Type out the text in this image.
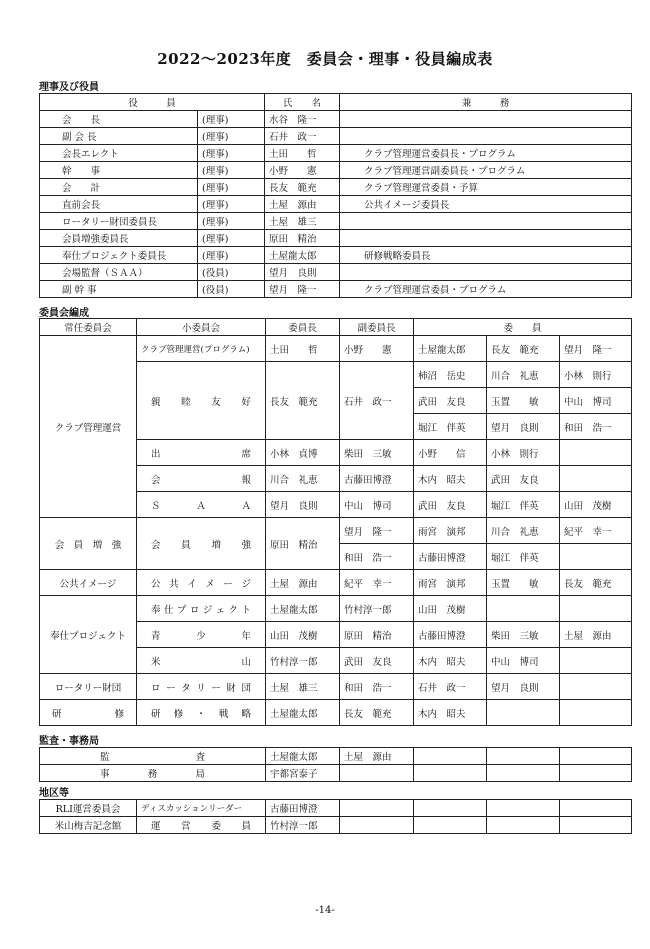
2022～2023年度　委員会・理事・役員編成表
理事及び役員
役　　　員		氏　　名	兼　　　務
会　　長	(理事)	水谷　隆一	
副 会 長	(理事)	石井　政一	
会長エレクト	(理事)	土田　　哲	クラブ管理運営委員長・プログラム
幹　　事	(理事)	小野　　憲	クラブ管理運営副委員長・プログラム
会　　計	(理事)	長友　範充	クラブ管理運営委員・予算
直前会長	(理事)	土屋　源由	公共イメージ委員長
ロータリー財団委員長	(理事)	土屋　雄三	
会員増強委員長	(理事)	原田　精治	
奉仕プロジェクト委員長	(理事)	土屋龍太郎	研修戦略委員長
会場監督（ＳＡＡ）	(役員)	望月　良則	
副 幹 事	(役員)	望月　隆一	クラブ管理運営委員・プログラム
委員会編成
常任委員会	小委員会	委員長	副委員長	委　　員		
クラブ管理運営	クラブ管理運営(プログラム)	土田　　哲	小野　　憲	土屋龍太郎	長友　範充	望月　隆一
	親　睦　友　好	長友　範充	石井　政一	柿沼　岳史	川合　礼恵	小林　則行
				武田　友良	玉置　　敏	中山　博司
				堀江　伴英	望月　良則	和田　浩一
	出　　　　席	小林　貞博	柴田　三敏	小野　　信	小林　則行	
	会　　　　報	川合　礼恵	古藤田博澄	木内　昭夫	武田　友良	
	Ｓ　　Ａ　　Ａ	望月　良則	中山　博司	武田　友良	堀江　伴英	山田　茂樹
会　員　増　強	会　員　増　強	原田　精治	望月　隆一	雨宮　演邦	川合　礼恵	紀平　幸一
			和田　浩一	古藤田博澄	堀江　伴英	
公共イメージ	公 共 イ メ ー ジ	土屋　源由	紀平　幸一	雨宮　演邦	玉置　　敏	長友　範充
奉仕プロジェクト	奉仕プロジェクト	土屋龍太郎	竹村淳一郎	山田　茂樹		
	青　　少　　年	山田　茂樹	原田　精治	古藤田博澄	柴田　三敏	土屋　源由
	米　　　　山	竹村淳一郎	武田　友良	木内　昭夫	中山　博司	
ロータリー財団	ロ ー タ リ ー 財 団	土屋　雄三	和田　浩一	石井　政一	望月　良則	
研　　　修	研 修 ・ 戦 略	土屋龍太郎	長友　範充	木内　昭夫		
監査・事務局
監　　　　査	土屋龍太郎	土屋　源由			
事　　務　　局	宇都宮泰子				
地区等
RLI運営委員会	ディスカッションリーダー	古藤田博澄				
米山梅吉記念館	運　営　委　員	竹村淳一郎				
-14-
